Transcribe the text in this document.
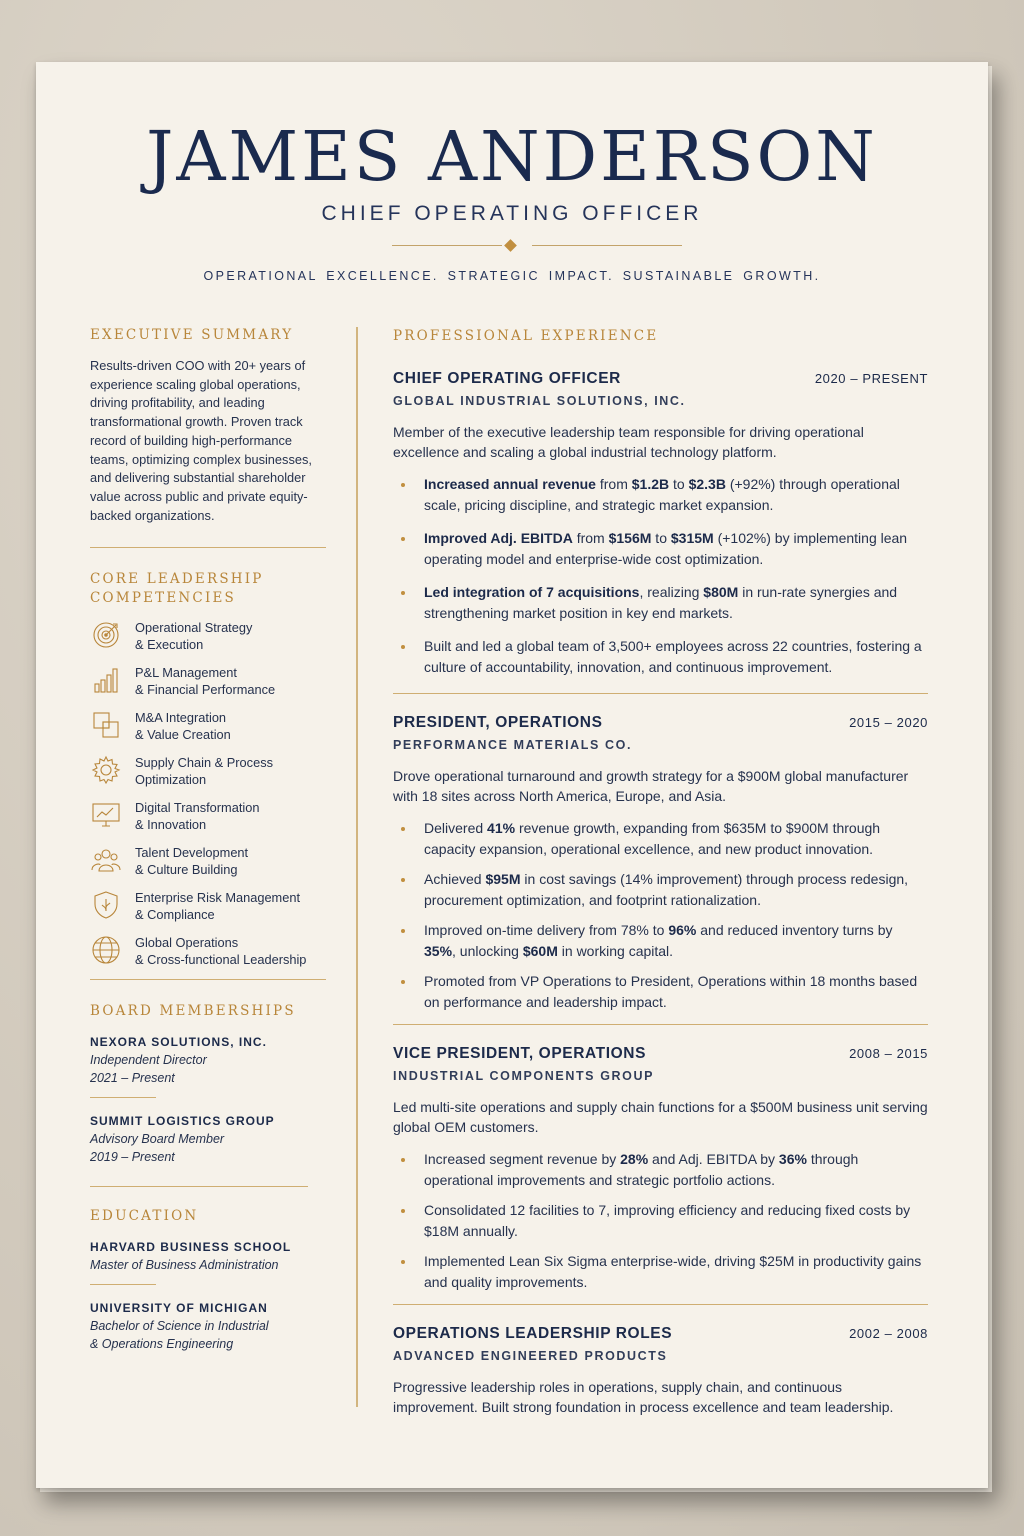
JAMES ANDERSON
CHIEF OPERATING OFFICER
OPERATIONAL EXCELLENCE. STRATEGIC IMPACT. SUSTAINABLE GROWTH.
EXECUTIVE SUMMARY

Results-driven COO with 20+ years of experience scaling global operations, driving profitability, and leading transformational growth. Proven track record of building high-performance teams, optimizing complex businesses, and delivering substantial shareholder value across public and private equity-backed organizations.

CORE LEADERSHIP
COMPETENCIES
Operational Strategy
& Execution
P&L Management
& Financial Performance
M&A Integration
& Value Creation
Supply Chain & Process
Optimization
Digital Transformation
& Innovation
Talent Development
& Culture Building
Enterprise Risk Management
& Compliance
Global Operations
& Cross-functional Leadership
BOARD MEMBERSHIPS
NEXORA SOLUTIONS, INC.
Independent Director
2021 – Present
SUMMIT LOGISTICS GROUP
Advisory Board Member
2019 – Present
EDUCATION
HARVARD BUSINESS SCHOOL
Master of Business Administration
UNIVERSITY OF MICHIGAN
Bachelor of Science in Industrial
& Operations Engineering
PROFESSIONAL EXPERIENCE
CHIEF OPERATING OFFICER	2020 – PRESENT
GLOBAL INDUSTRIAL SOLUTIONS, INC.

Member of the executive leadership team responsible for driving operational excellence and scaling a global industrial technology platform.

Increased annual revenue from $1.2B to $2.3B (+92%) through operational scale, pricing discipline, and strategic market expansion.
Improved Adj. EBITDA from $156M to $315M (+102%) by implementing lean operating model and enterprise-wide cost optimization.
Led integration of 7 acquisitions, realizing $80M in run-rate synergies and strengthening market position in key end markets.
Built and led a global team of 3,500+ employees across 22 countries, fostering a culture of accountability, innovation, and continuous improvement.
PRESIDENT, OPERATIONS	2015 – 2020
PERFORMANCE MATERIALS CO.

Drove operational turnaround and growth strategy for a $900M global manufacturer with 18 sites across North America, Europe, and Asia.

Delivered 41% revenue growth, expanding from $635M to $900M through capacity expansion, operational excellence, and new product innovation.
Achieved $95M in cost savings (14% improvement) through process redesign, procurement optimization, and footprint rationalization.
Improved on-time delivery from 78% to 96% and reduced inventory turns by 35%, unlocking $60M in working capital.
Promoted from VP Operations to President, Operations within 18 months based on performance and leadership impact.
VICE PRESIDENT, OPERATIONS	2008 – 2015
INDUSTRIAL COMPONENTS GROUP

Led multi-site operations and supply chain functions for a $500M business unit serving global OEM customers.

Increased segment revenue by 28% and Adj. EBITDA by 36% through operational improvements and strategic portfolio actions.
Consolidated 12 facilities to 7, improving efficiency and reducing fixed costs by $18M annually.
Implemented Lean Six Sigma enterprise-wide, driving $25M in productivity gains and quality improvements.
OPERATIONS LEADERSHIP ROLES	2002 – 2008
ADVANCED ENGINEERED PRODUCTS

Progressive leadership roles in operations, supply chain, and continuous improvement. Built strong foundation in process excellence and team leadership.
